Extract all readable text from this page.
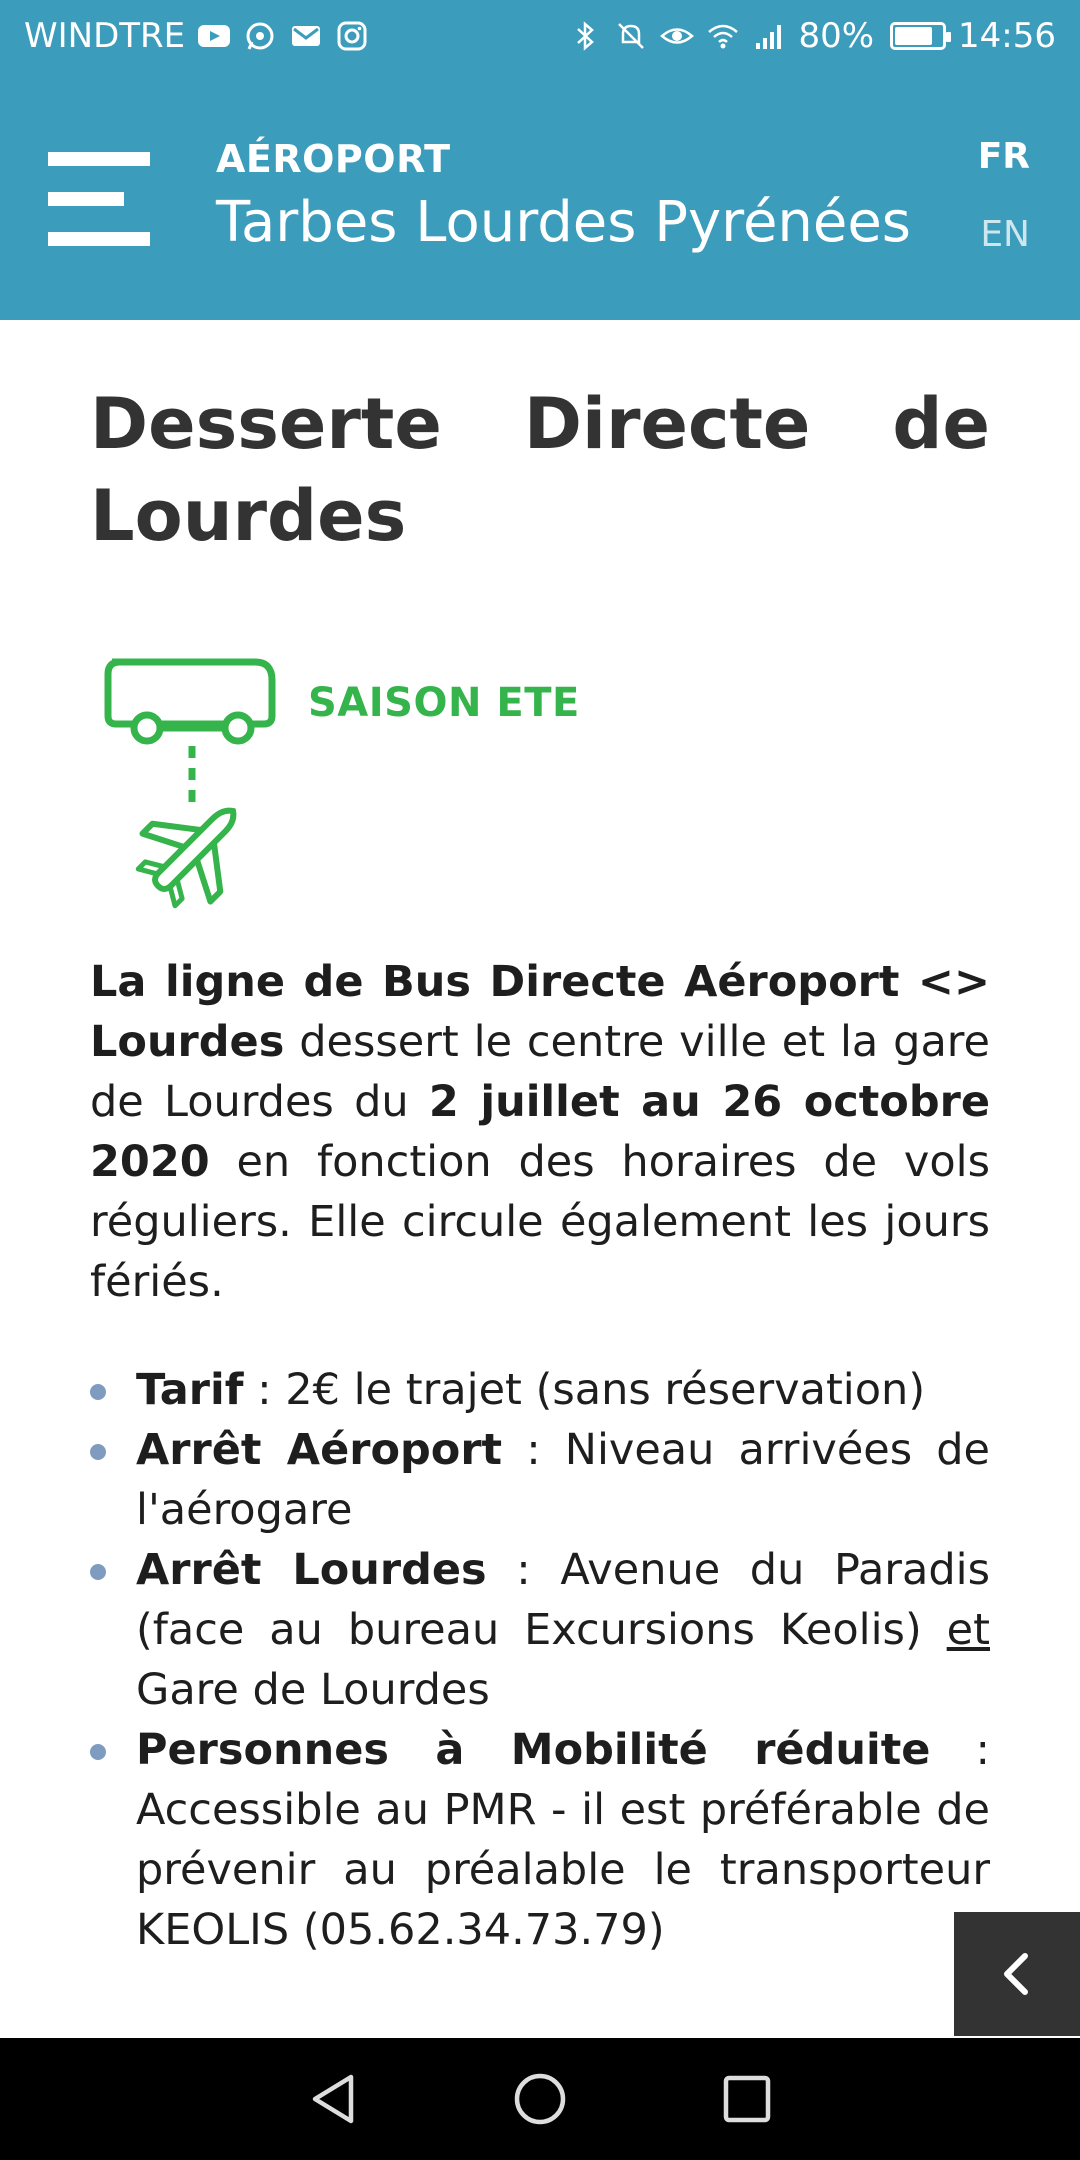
WINDTRE	80% 14:56
AÉROPORT
Tarbes Lourdes Pyrénées
FR
EN
Desserte Directe de
Lourdes
SAISON ETE

La ligne de Bus Directe Aéroport <> Lourdes dessert le centre ville et la gare de Lourdes du 2 juillet au 26 octobre 2020 en fonction des horaires de vols réguliers. Elle circule également les jours fériés.

Tarif : 2€ le trajet (sans réservation)
Arrêt Aéroport : Niveau arrivées de l'aérogare
Arrêt Lourdes : Avenue du Paradis (face au bureau Excursions Keolis) et Gare de Lourdes
Personnes à Mobilité réduite : Accessible au PMR - il est préférable de prévenir au préalable le transporteur KEOLIS (05.62.34.73.79)
